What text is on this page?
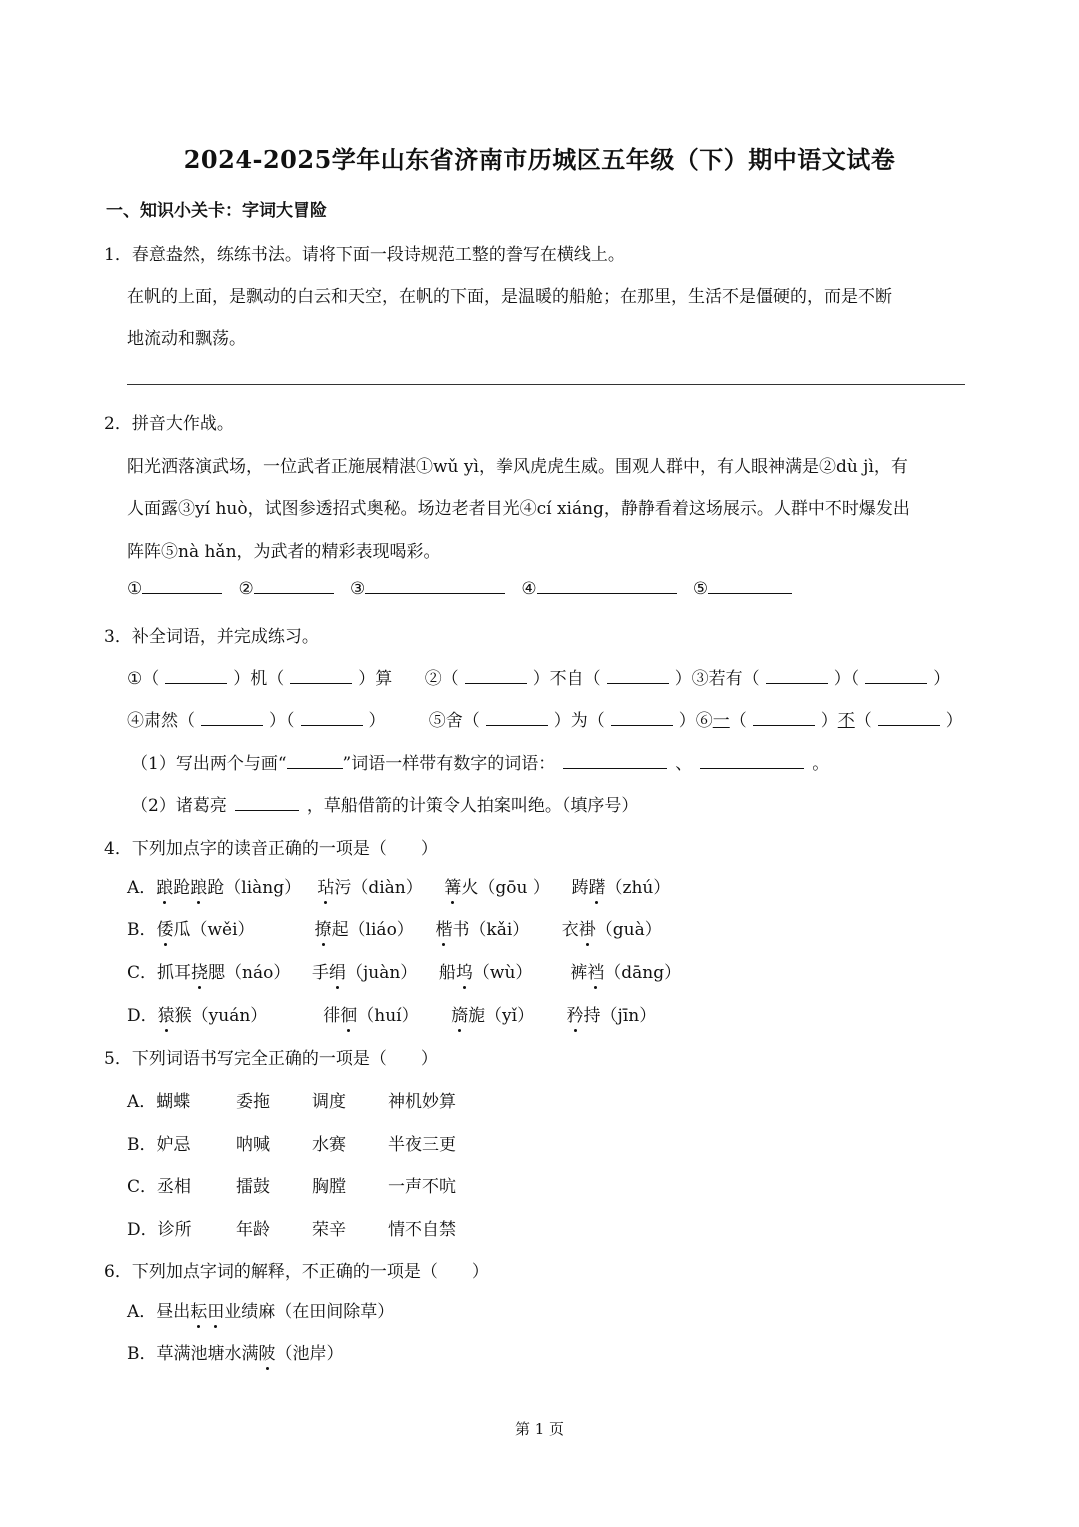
2024-2025学年山东省济南市历城区五年级（下）期中语文试卷
一、知识小关卡：字词大冒险
1．春意盎然，练练书法。请将下面一段诗规范工整的誊写在横线上。
在帆的上面，是飘动的白云和天空，在帆的下面，是温暖的船舱；在那里，生活不是僵硬的，而是不断
地流动和飘荡。
2．拼音大作战。
阳光洒落演武场，一位武者正施展精湛①wǔ yì，拳风虎虎生威。围观人群中，有人眼神满是②dù jì，有
人面露③yí huò，试图参透招式奥秘。场边老者目光④cí xiáng，静静看着这场展示。人群中不时爆发出
阵阵⑤nà hǎn，为武者的精彩表现喝彩。
①	②	③	④	⑤
3．补全词语，并完成练习。
①（	）机（	）算 ②（	）不自（	）③若有（	）（	）
④肃然（	）（	）	⑤舍（	）为（	）⑥一（	）不（	）
（1）写出两个与画“	”词语一样带有数字的词语：	、	。
（2）诸葛亮	，草船借箭的计策令人拍案叫绝。（填序号）
4．下列加点字的读音正确的一项是（　　）
A．踉跄踉跄（liàng） 玷污（diàn） 篝火（gōu ） 踌躇（zhú）
B．倭瓜（wěi）	撩起（liáo） 楷书（kǎi） 衣褂（guà）
C．抓耳挠腮（náo） 手绢（juàn） 船坞（wù） 裤裆（dāng）
D．猿猴（yuán）	徘徊（huí） 旖旎（yǐ） 矜持（jīn）
5．下列词语书写完全正确的一项是（　　）
A．蝴蝶	委拖 调度 神机妙算
B．妒忌	呐喊 水赛 半夜三更
C．丞相	擂鼓 胸膛 一声不吭
D．诊所	年龄 荣辛 情不自禁
6．下列加点字词的解释，不正确的一项是（　　）
A．昼出耘田业绩麻（在田间除草）
B．草满池塘水满陂（池岸）
第 1 页
